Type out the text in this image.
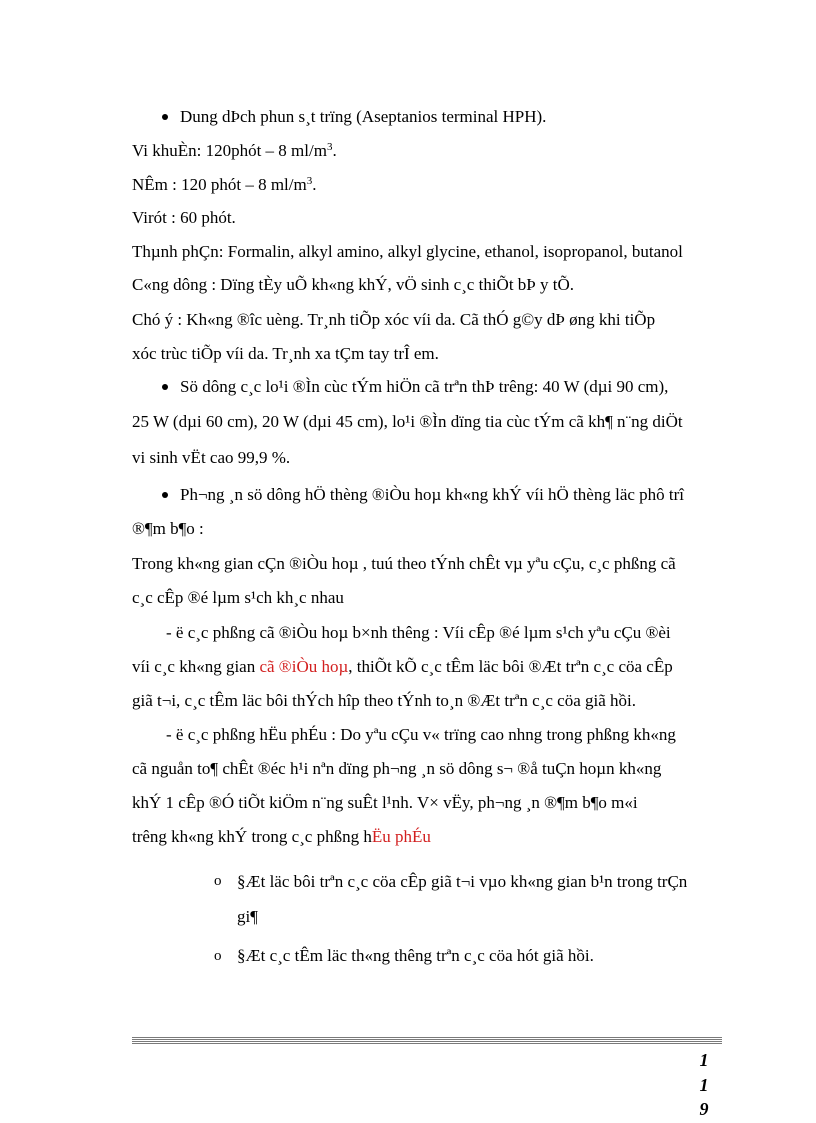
Dung dÞch phun s¸t trïng (Aseptanios terminal HPH).
Vi khuÈn: 120phót – 8 $ml/m^3$.
NÊm : 120 phót – 8 $ml/m^3$.
Virót : 60 phót.
Thµnh phÇn: Formalin, alkyl amino, alkyl glycine, ethanol, isopropanol, butanol
C«ng dông : Dïng tÈy uÕ kh«ng khÝ, vÖ sinh c¸c thiÕt bÞ y tÕ.
Chó ý : Kh«ng ®îc uèng. Tr¸nh tiÕp xóc víi da. Cã thÓ g©y dÞ øng khi tiÕp
xóc trùc tiÕp víi da. Tr¸nh xa tÇm tay trÎ em.
Sö dông c¸c lo¹i ®Ìn cùc tÝm hiÖn cã trªn thÞ trêng: 40 W (dµi 90 cm),
25 W (dµi 60 cm), 20 W (dµi 45 cm), lo¹i ®Ìn dïng tia cùc tÝm cã kh¶ n¨ng diÖt
vi sinh vËt cao 99,9 %.
Ph¬ng ¸n sö dông hÖ thèng ®iÒu hoµ kh«ng khÝ víi hÖ thèng läc phô trî
®¶m b¶o :
Trong kh«ng gian cÇn ®iÒu hoµ , tuú theo tÝnh chÊt vµ yªu cÇu, c¸c phßng cã
c¸c cÊp ®é lµm s¹ch kh¸c nhau
- ë c¸c phßng cã ®iÒu hoµ b×nh thêng : Víi cÊp ®é lµm s¹ch yªu cÇu ®èi
víi c¸c kh«ng gian cã ®iÒu hoµ, thiÕt kÕ c¸c tÊm läc bôi ®Æt trªn c¸c cöa cÊp
giã t¬i, c¸c tÊm läc bôi thÝch hîp theo tÝnh to¸n ®Æt trªn c¸c cöa giã hồi.
- ë c¸c phßng hËu phÉu : Do yªu cÇu v« trïng cao nhng trong phßng kh«ng
cã nguån to¶ chÊt ®éc h¹i nªn dïng ph¬ng ¸n sö dông s¬ ®å tuÇn hoµn kh«ng
khÝ 1 cÊp ®Ó tiÕt kiÖm n¨ng suÊt l¹nh. V× vËy, ph¬ng ¸n ®¶m b¶o m«i
trêng kh«ng khÝ trong c¸c phßng hËu phÉu
o §Æt läc bôi trªn c¸c cöa cÊp giã t¬i vµo kh«ng gian b¹n trong trÇn
gi¶
o §Æt c¸c tÊm läc th«ng thêng trªn c¸c cöa hót giã hồi.
1
1
9
